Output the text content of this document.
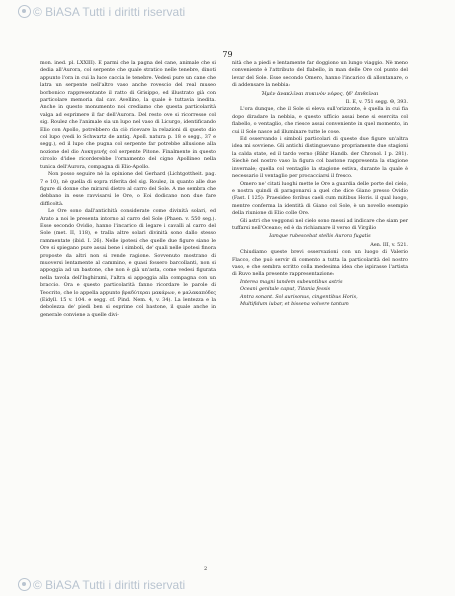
© BiASA Tutti i diritti riservati
79

mon. ined. pl. LXXIII). E parmi che la pagna del cane, animale che si dedia all'Aurora, col serpente che quale stratico nelle tenebre, dinoti appunto l'ora in cui la luce caccia le tenebre. Vedesi pure un cane che latra un serpente nell'altro vaso anche rovescio del real museo borbonico rappresentante il ratto di Grisippo, ed illustrato già con particolare memoria dal cav. Avellino, la quale è tuttavia inedita. Anche in questo monumento noi crediamo che questa particolarità valga ad esprimere il far dell'Aurora. Del resto ove si ricorresse col sig. Roulez che l'animale sia un lupo nel vaso di Licurgo, identificando Elio con Apollo, potrebbero da ciò ricevare la relazioni di questo dio col lupo (vedi lo Schwartz de antiq. Apoll. natura p. 18 e segg., 37 e segg.), ed il lupo che pugna col serpente far potrebbe allusione alla nozione del dio Λυκηγενής col serpente Pitone. Finalmente in questo circolo d'idee ricorderebbe l'ornamento del cigno Apollineo nella tunica dell'Aurora, compagna di Elio-Apollo.

Non posso seguire nè la opinione del Gerhard (Lichtgottheit. pag. 7 e 10), nè quella di sopra riferita del sig. Roulez, in quanto alle due figure di donne che mirarsi dietro al carro del Sole. A me sembra che debbano in esse ravvisarsi le Ore, o Eoi dodicano non due fare difficoltà.

Le Ore sono dall'antichità considerate come divinità solari, ed Arato a noi le presenta intorno al carro del Sole (Phaen. v. 550 seg.). Esse secondo Ovidio, hanno l'incarico di legare i cavalli al carro del Sole (met. II, 118), e tralla altre solari divinità sono dallo stesso rammentate (ibid. I. 26). Nelle ipotesi che quelle due figure siano le Ore si spiegano pure assai bene i simboli, de' quali nelle ipotesi finora proposte da altri non si rende ragione. Sovvenuto mostrano di muoversi lentamente al cammino, e quasi fossero barcollanti, non si appoggia ad un bastone, che non è già un'asta, come vedesi figurata nella tavola dell'Inghirami, l'altra si appoggia alla compagna con un braccio. Ora e questo particolarità fanno ricordare le parole di Teocrito, che lo appella appunto βραδύτεραι μακάρων, e μαλακαπόδες (Eidyll. 15 v. 104. e segg. cf. Pind. Nem. 4, v. 34). La lentezza e la debolezza de' piedi ben si esprime col bastone, il quale anche in generale conviene a quelle divi-

nità che a piedi e lentamente far doggiono un lungo viaggio. Nè meno conveniente è l'attributo del flabello, in man delle Ore col punto del levar del Sole. Esse secondo Omero, hanno l'incarico di allontanare, o di addensare la nebbia:

Ἠμὲν ἀνακλῖναι πυκινὸν νέφος, ἠδ' ἐπιθεῖναι

Il. E, v. 751 segg. Θ, 393.

L'ora dunque, che il Sole si eleva sull'orizzonte, è quella in cui fia dopo diradare la nebbia, e questo ufficio assai bene si esercita col flabello, o ventaglio, che riesce assai conveniente in quel momento, in cui il Sole nasce ad illuminare tutte le cose.

Ed osservando i simboli particolari di queste due figure un'altra idea mi sovviene. Gli antichi distinguevano propriamente due stagioni la calda state, ed il tardo verno (Bähr Handb. der Chronol. I p. 281). Siechè nel nostro vaso la figura col bastone rappresenta la stagione invernale; quella col ventaglio la stagione estiva, durante la quale è necessario il ventaglio per procacciarsi il fresco.

Omero ne' citati luoghi mette le Ore a guardia delle porte del cielo, e nostra quindi di paragonarsi a quel che dice Giano presso Ovidio (Fast. I 125): Praesideo foribus caeli cum mitibus Horis. il qual luogo, mentre conferma la identità di Giano col Sole, è un novello esempio della riunione di Elio colle Ore.

Gli astri che veggonsi nel cielo sono messi ad indicare che siam per tuffarsi nell'Oceano; ed è da richiamare il verso di Virgilio

Iamque rubescebat stellis Aurora fugatis

Aen. III, v. 521.

Chiudiamo queste brevi osservazioni con un luogo di Valerio Flacco, che può servir di comento a tutta la particolarità del nostro vaso, e che sembra scritto colla medesima idea che ispirasse l'artista di Ruvo nella presente rappresentazione:

Interea magni tandem subeuntibus astris

Oceani genitale caput, Titania fessis

Antra sonant. Sol aurisonus, cingentibus Horis,

Multifidum iubar, et bissena volvere tantum

2
© BiASA Tutti i diritti riservati
